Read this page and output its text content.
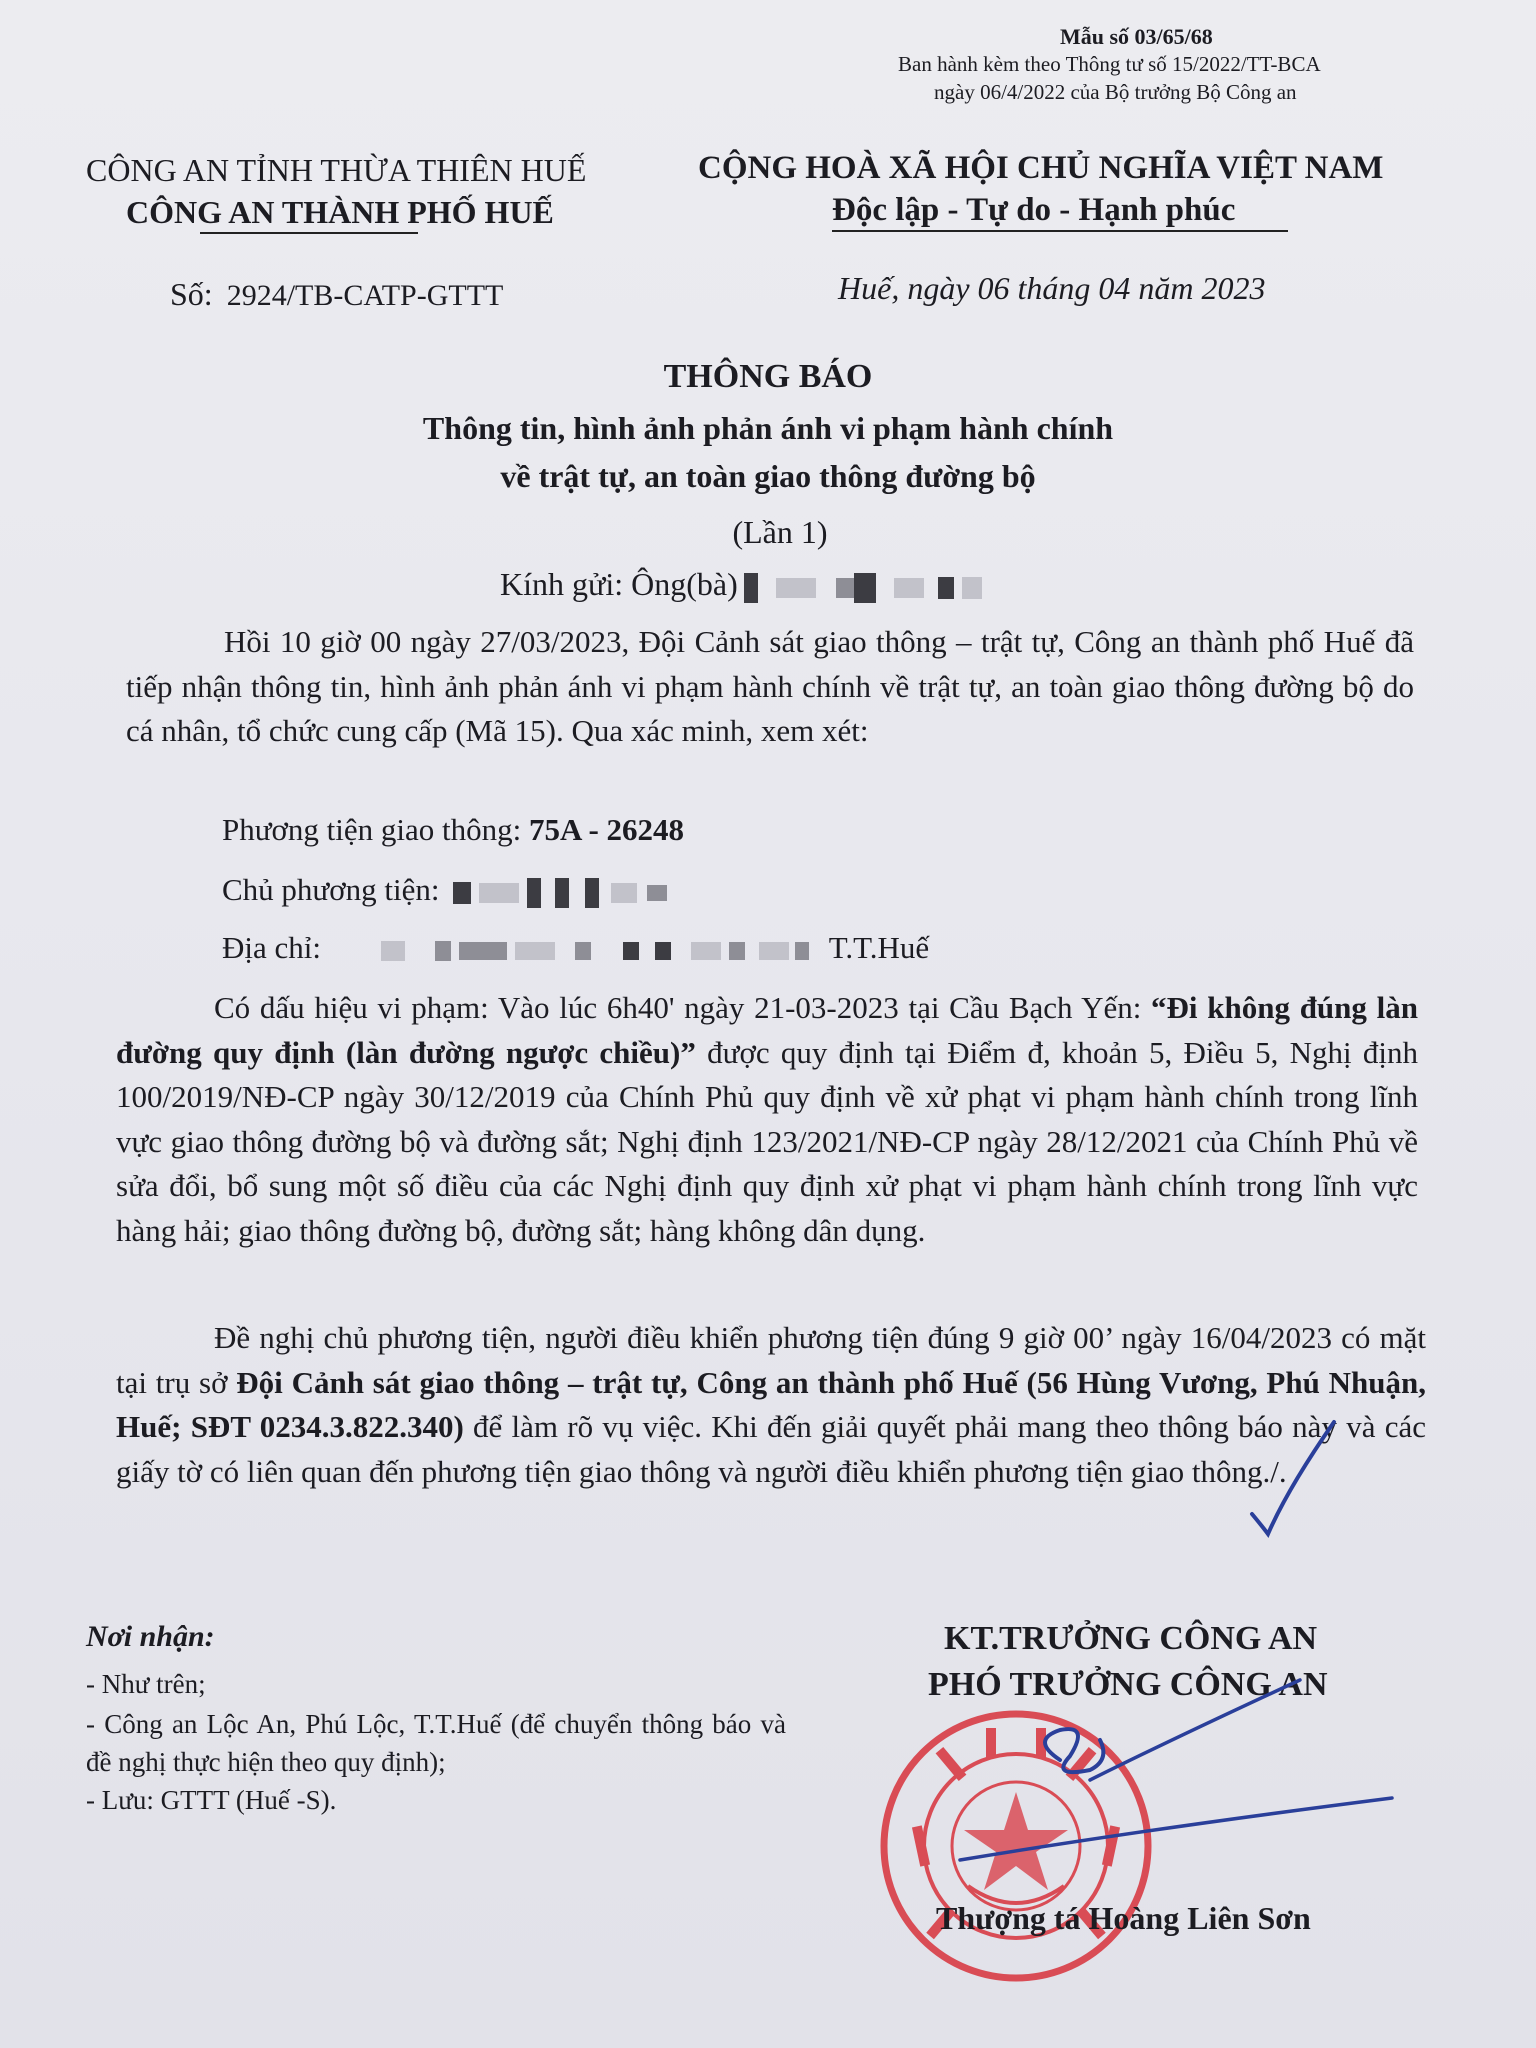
Mẫu số 03/65/68
Ban hành kèm theo Thông tư số 15/2022/TT-BCA
ngày 06/4/2022 của Bộ trưởng Bộ Công an
CÔNG AN TỈNH THỪA THIÊN HUẾ
CÔNG AN THÀNH PHỐ HUẾ
Số: 2924/TB-CATP-GTTT
CỘNG HOÀ XÃ HỘI CHỦ NGHĨA VIỆT NAM
Độc lập - Tự do - Hạnh phúc
Huế, ngày 06 tháng 04 năm 2023
THÔNG BÁO
Thông tin, hình ảnh phản ánh vi phạm hành chính
về trật tự, an toàn giao thông đường bộ
(Lần 1)
Kính gửi: Ông(bà)
Hồi 10 giờ 00 ngày 27/03/2023, Đội Cảnh sát giao thông – trật tự, Công an thành phố Huế đã tiếp nhận thông tin, hình ảnh phản ánh vi phạm hành chính về trật tự, an toàn giao thông đường bộ do cá nhân, tổ chức cung cấp (Mã 15). Qua xác minh, xem xét:
Phương tiện giao thông: 75A - 26248
Chủ phương tiện:
Địa chỉ:	T.T.Huế
Có dấu hiệu vi phạm: Vào lúc 6h40' ngày 21-03-2023 tại Cầu Bạch Yến: “Đi không đúng làn đường quy định (làn đường ngược chiều)” được quy định tại Điểm đ, khoản 5, Điều 5, Nghị định 100/2019/NĐ-CP ngày 30/12/2019 của Chính Phủ quy định về xử phạt vi phạm hành chính trong lĩnh vực giao thông đường bộ và đường sắt; Nghị định 123/2021/NĐ-CP ngày 28/12/2021 của Chính Phủ về sửa đổi, bổ sung một số điều của các Nghị định quy định xử phạt vi phạm hành chính trong lĩnh vực hàng hải; giao thông đường bộ, đường sắt; hàng không dân dụng.
Đề nghị chủ phương tiện, người điều khiển phương tiện đúng 9 giờ 00’ ngày 16/04/2023 có mặt tại trụ sở Đội Cảnh sát giao thông – trật tự, Công an thành phố Huế (56 Hùng Vương, Phú Nhuận, Huế; SĐT 0234.3.822.340) để làm rõ vụ việc. Khi đến giải quyết phải mang theo thông báo này và các giấy tờ có liên quan đến phương tiện giao thông và người điều khiển phương tiện giao thông./.
Nơi nhận:
- Như trên;
- Công an Lộc An, Phú Lộc, T.T.Huế (để chuyển thông báo và đề nghị thực hiện theo quy định);
- Lưu: GTTT (Huế -S).
KT.TRƯỞNG CÔNG AN
PHÓ TRƯỞNG CÔNG AN
Thượng tá Hoàng Liên Sơn
